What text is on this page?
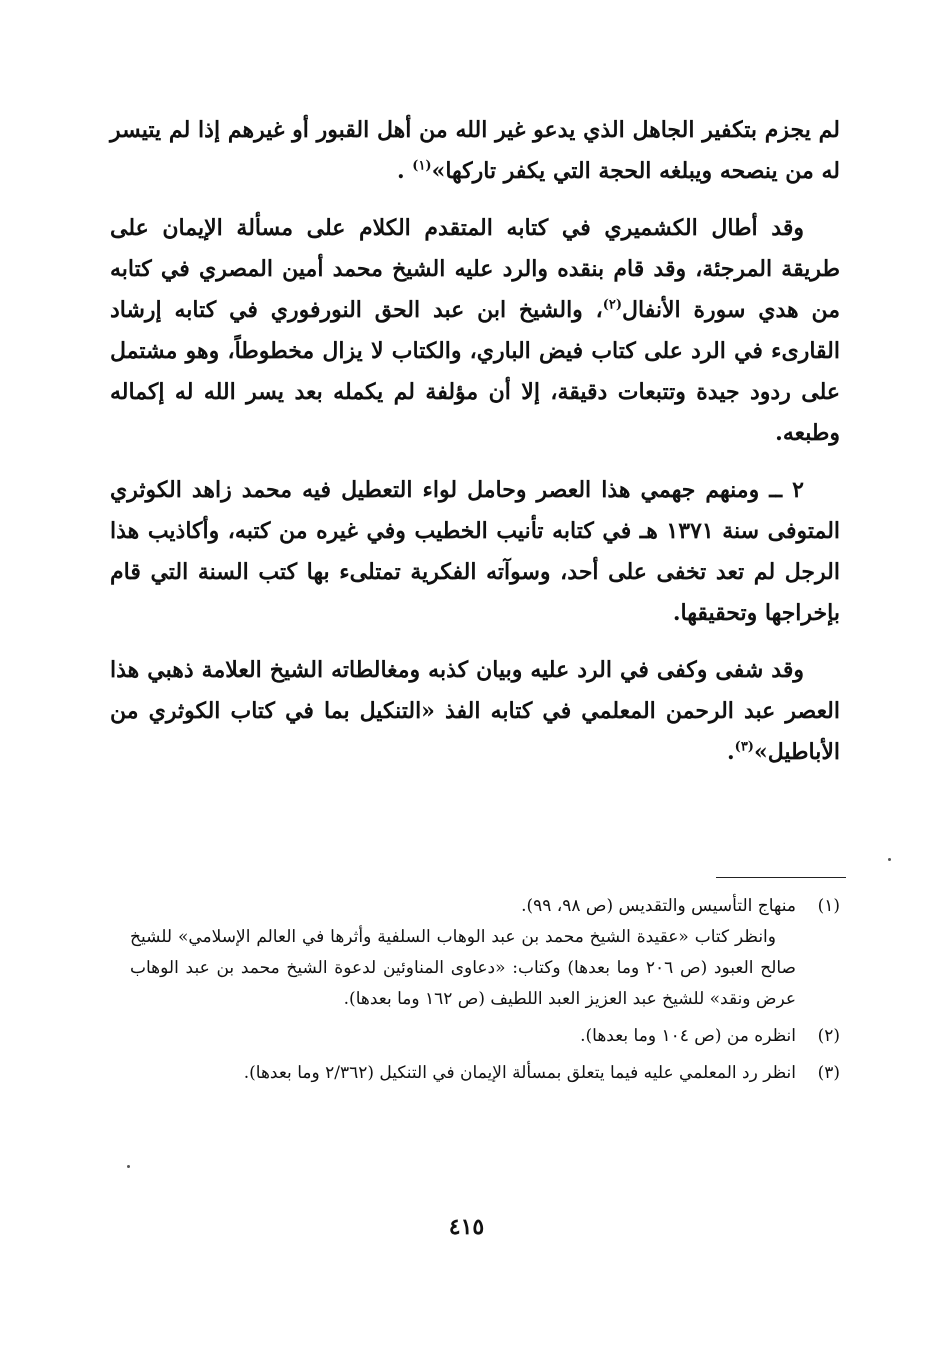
لم يجزم بتكفير الجاهل الذي يدعو غير الله من أهل القبور أو غيرهم إذا لم يتيسر له من ينصحه ويبلغه الحجة التي يكفر تاركها»$^{(١)}$ .

وقد أطال الكشميري في كتابه المتقدم الكلام على مسألة الإيمان على طريقة المرجئة، وقد قام بنقده والرد عليه الشيخ محمد أمين المصري في كتابه من هدي سورة الأنفال$^{(٢)}$، والشيخ ابن عبد الحق النورفوري في كتابه إرشاد القارىء في الرد على كتاب فيض الباري، والكتاب لا يزال مخطوطاً، وهو مشتمل على ردود جيدة وتتبعات دقيقة، إلا أن مؤلفة لم يكمله بعد يسر الله له إكماله وطبعه.

٢ ــ ومنهم جهمي هذا العصر وحامل لواء التعطيل فيه محمد زاهد الكوثري المتوفى سنة ١٣٧١ هـ في كتابه تأنيب الخطيب وفي غيره من كتبه، وأكاذيب هذا الرجل لم تعد تخفى على أحد، وسوآته الفكرية تمتلىء بها كتب السنة التي قام بإخراجها وتحقيقها.

وقد شفى وكفى في الرد عليه وبيان كذبه ومغالطاته الشيخ العلامة ذهبي هذا العصر عبد الرحمن المعلمي في كتابه الفذ «التنكيل بما في كتاب الكوثري من الأباطيل»$^{(٣)}$.

(١)

منهاج التأسيس والتقديس (ص ٩٨، ٩٩).

وانظر كتاب «عقيدة الشيخ محمد بن عبد الوهاب السلفية وأثرها في العالم الإسلامي» للشيخ صالح العبود (ص ٢٠٦ وما بعدها) وكتاب: «دعاوى المناوئين لدعوة الشيخ محمد بن عبد الوهاب عرض ونقد» للشيخ عبد العزيز العبد اللطيف (ص ١٦٢ وما بعدها).

(٢)

انظره من (ص ١٠٤ وما بعدها).

(٣)

انظر رد المعلمي عليه فيما يتعلق بمسألة الإيمان في التنكيل (٢/٣٦٢ وما بعدها).

٤١٥
